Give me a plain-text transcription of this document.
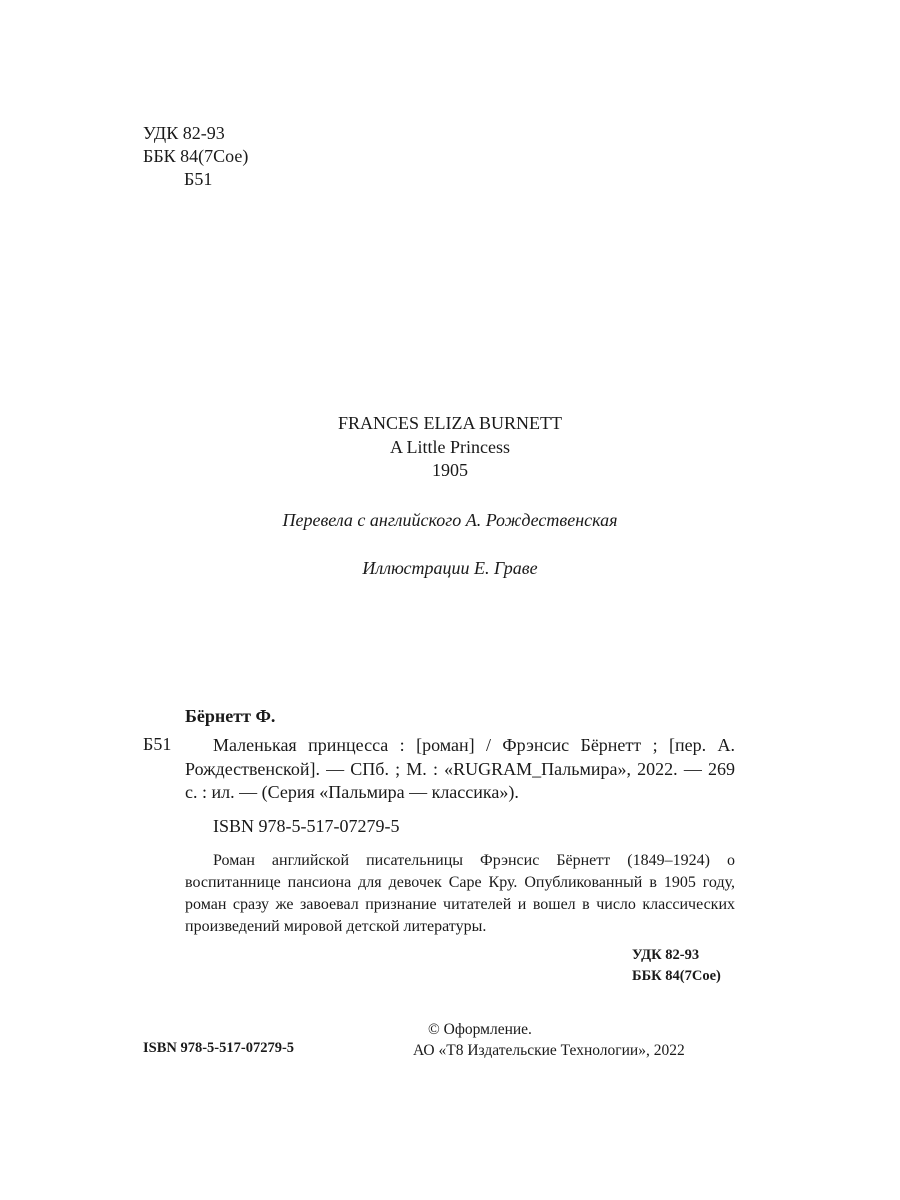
УДК 82-93
ББК 84(7Сое)
Б51
FRANCES ELIZA BURNETT
A Little Princess
1905
Перевела с английского А. Рождественская
Иллюстрации Е. Граве
Бёрнетт Ф.
Б51	Маленькая принцесса : [роман] / Фрэнсис Бёрнетт ; [пер. А. Рождественской]. — СПб. ; М. : «RUGRAM_Пальмира», 2022. — 269 с. : ил. — (Серия «Пальмира — классика»).
ISBN 978-5-517-07279-5
Роман английской писательницы Фрэнсис Бёрнетт (1849–1924) о воспитаннице пансиона для девочек Саре Кру. Опубликованный в 1905 году, роман сразу же завоевал признание читателей и вошел в число классических произведений мировой детской литературы.
УДК 82-93
ББК 84(7Сое)
© Оформление.
АО «Т8 Издательские Технологии», 2022
ISBN 978-5-517-07279-5
